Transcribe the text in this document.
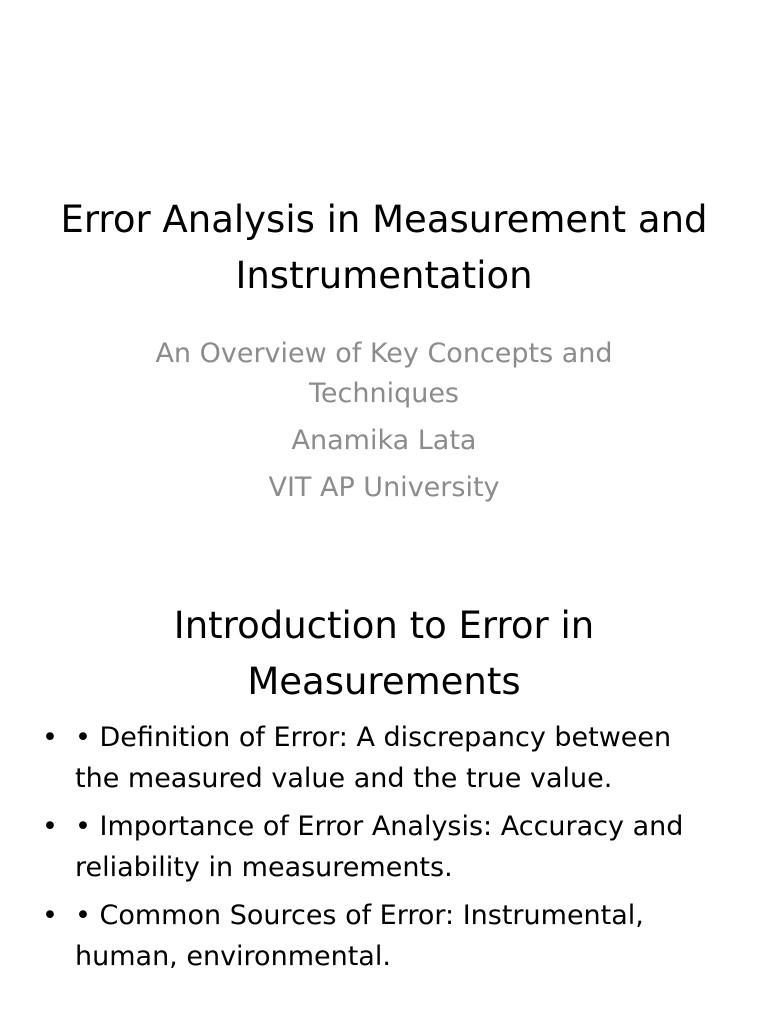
Error Analysis in Measurement and Instrumentation

An Overview of Key Concepts and Techniques

Anamika Lata

VIT AP University

Introduction to Error in Measurements
• • Definition of Error: A discrepancy between the measured value and the true value.
• • Importance of Error Analysis: Accuracy and reliability in measurements.
• • Common Sources of Error: Instrumental, human, environmental.
